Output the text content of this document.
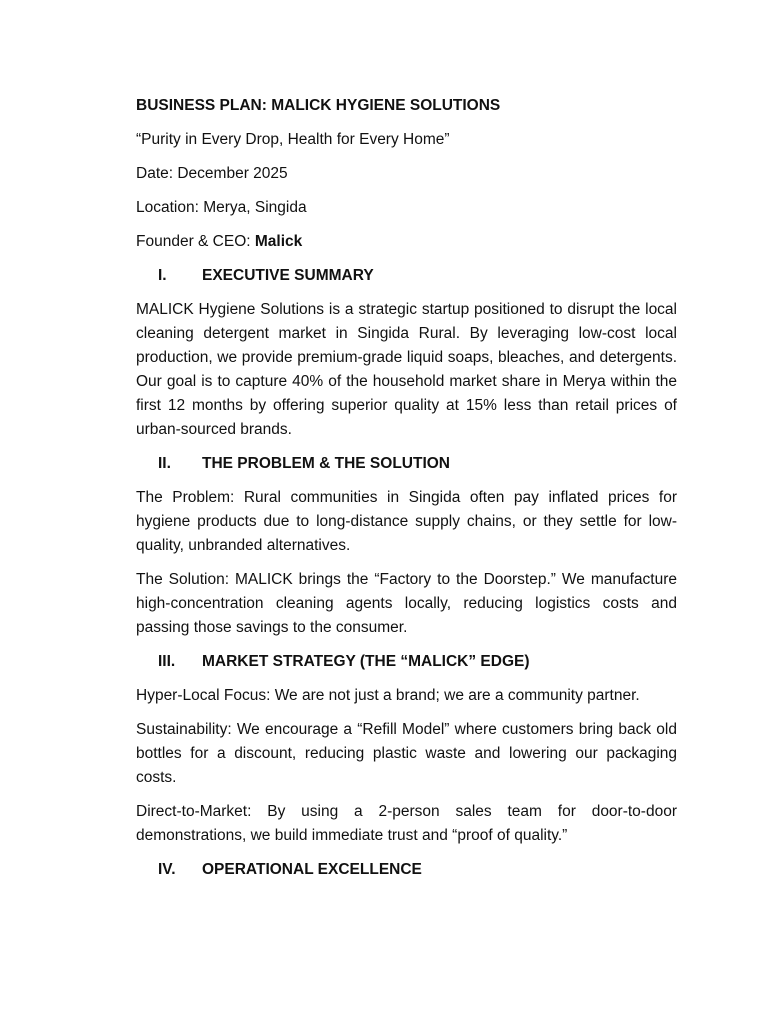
BUSINESS PLAN: MALICK HYGIENE SOLUTIONS

“Purity in Every Drop, Health for Every Home”

Date: December 2025

Location: Merya, Singida

Founder & CEO: Malick

I.	EXECUTIVE SUMMARY

MALICK Hygiene Solutions is a strategic startup positioned to disrupt the local cleaning detergent market in Singida Rural. By leveraging low-cost local production, we provide premium-grade liquid soaps, bleaches, and detergents. Our goal is to capture 40% of the household market share in Merya within the first 12 months by offering superior quality at 15% less than retail prices of urban-sourced brands.

II.	THE PROBLEM & THE SOLUTION

The Problem: Rural communities in Singida often pay inflated prices for hygiene products due to long-distance supply chains, or they settle for low-quality, unbranded alternatives.

The Solution: MALICK brings the “Factory to the Doorstep.” We manufacture high-concentration cleaning agents locally, reducing logistics costs and passing those savings to the consumer.

III.	MARKET STRATEGY (THE “MALICK” EDGE)

Hyper-Local Focus: We are not just a brand; we are a community partner.

Sustainability: We encourage a “Refill Model” where customers bring back old bottles for a discount, reducing plastic waste and lowering our packaging costs.

Direct-to-Market: By using a 2-person sales team for door-to-door demonstrations, we build immediate trust and “proof of quality.”

IV.	OPERATIONAL EXCELLENCE
